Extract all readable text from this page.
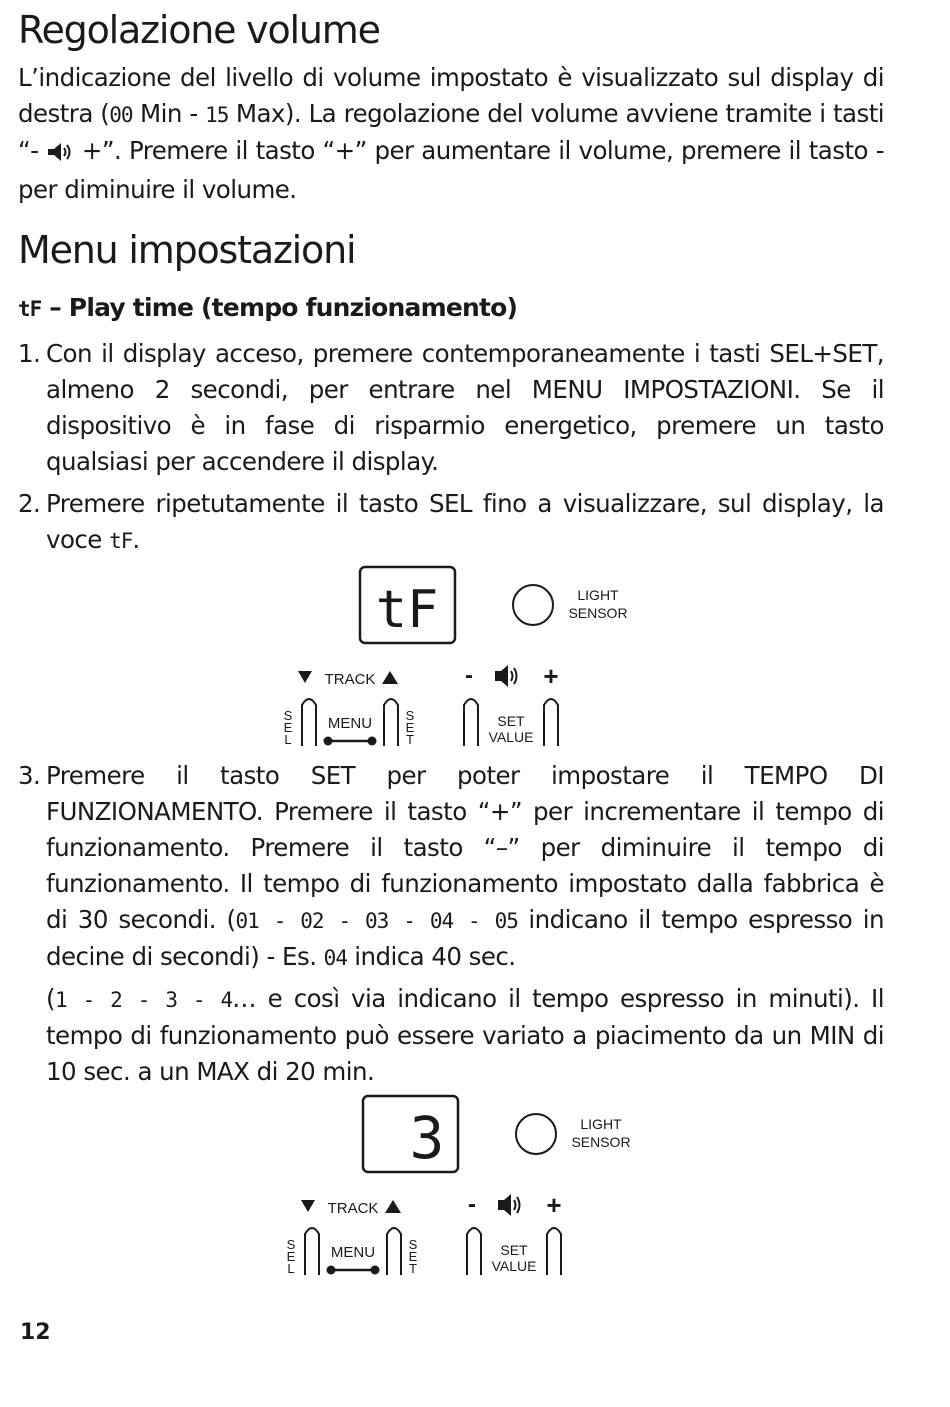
Regolazione volume

L’indicazione del livello di volume impostato è visualizzato sul display di destra (00 Min - 15 Max). La regolazione del volume avviene tramite i tasti “-  +”. Premere il tasto “+” per aumentare il volume, premere il tasto - per diminuire il volume.

Menu impostazioni
tF – Play time (tempo funzionamento)
1. Con il display acceso, premere contemporaneamente i tasti SEL+SET, almeno 2 secondi, per entrare nel MENU IMPOSTAZIONI. Se il dispositivo è in fase di risparmio energetico, premere un tasto qualsiasi per accendere il display.
2. Premere ripetutamente il tasto SEL fino a visualizzare, sul display, la voce tF.
tF	LIGHT
SENSOR
TRACK	-	+
S
E
L
MENU	S
E
T
SET
VALUE
3. Premere il tasto SET per poter impostare il TEMPO DI FUNZIONAMENTO. Premere il tasto “+” per incrementare il tempo di funzionamento. Premere il tasto “–” per diminuire il tempo di funzionamento. Il tempo di funzionamento impostato dalla fabbrica è di 30 secondi. (01 - 02 - 03 - 04 - 05 indicano il tempo espresso in decine di secondi) - Es. 04 indica 40 sec.
(1 - 2 - 3 - 4… e così via indicano il tempo espresso in minuti). Il tempo di funzionamento può essere variato a piacimento da un MIN di 10 sec. a un MAX di 20 min.
3	LIGHT
SENSOR
TRACK	-	+
S
E
L
MENU	S
E
T
SET
VALUE
12
